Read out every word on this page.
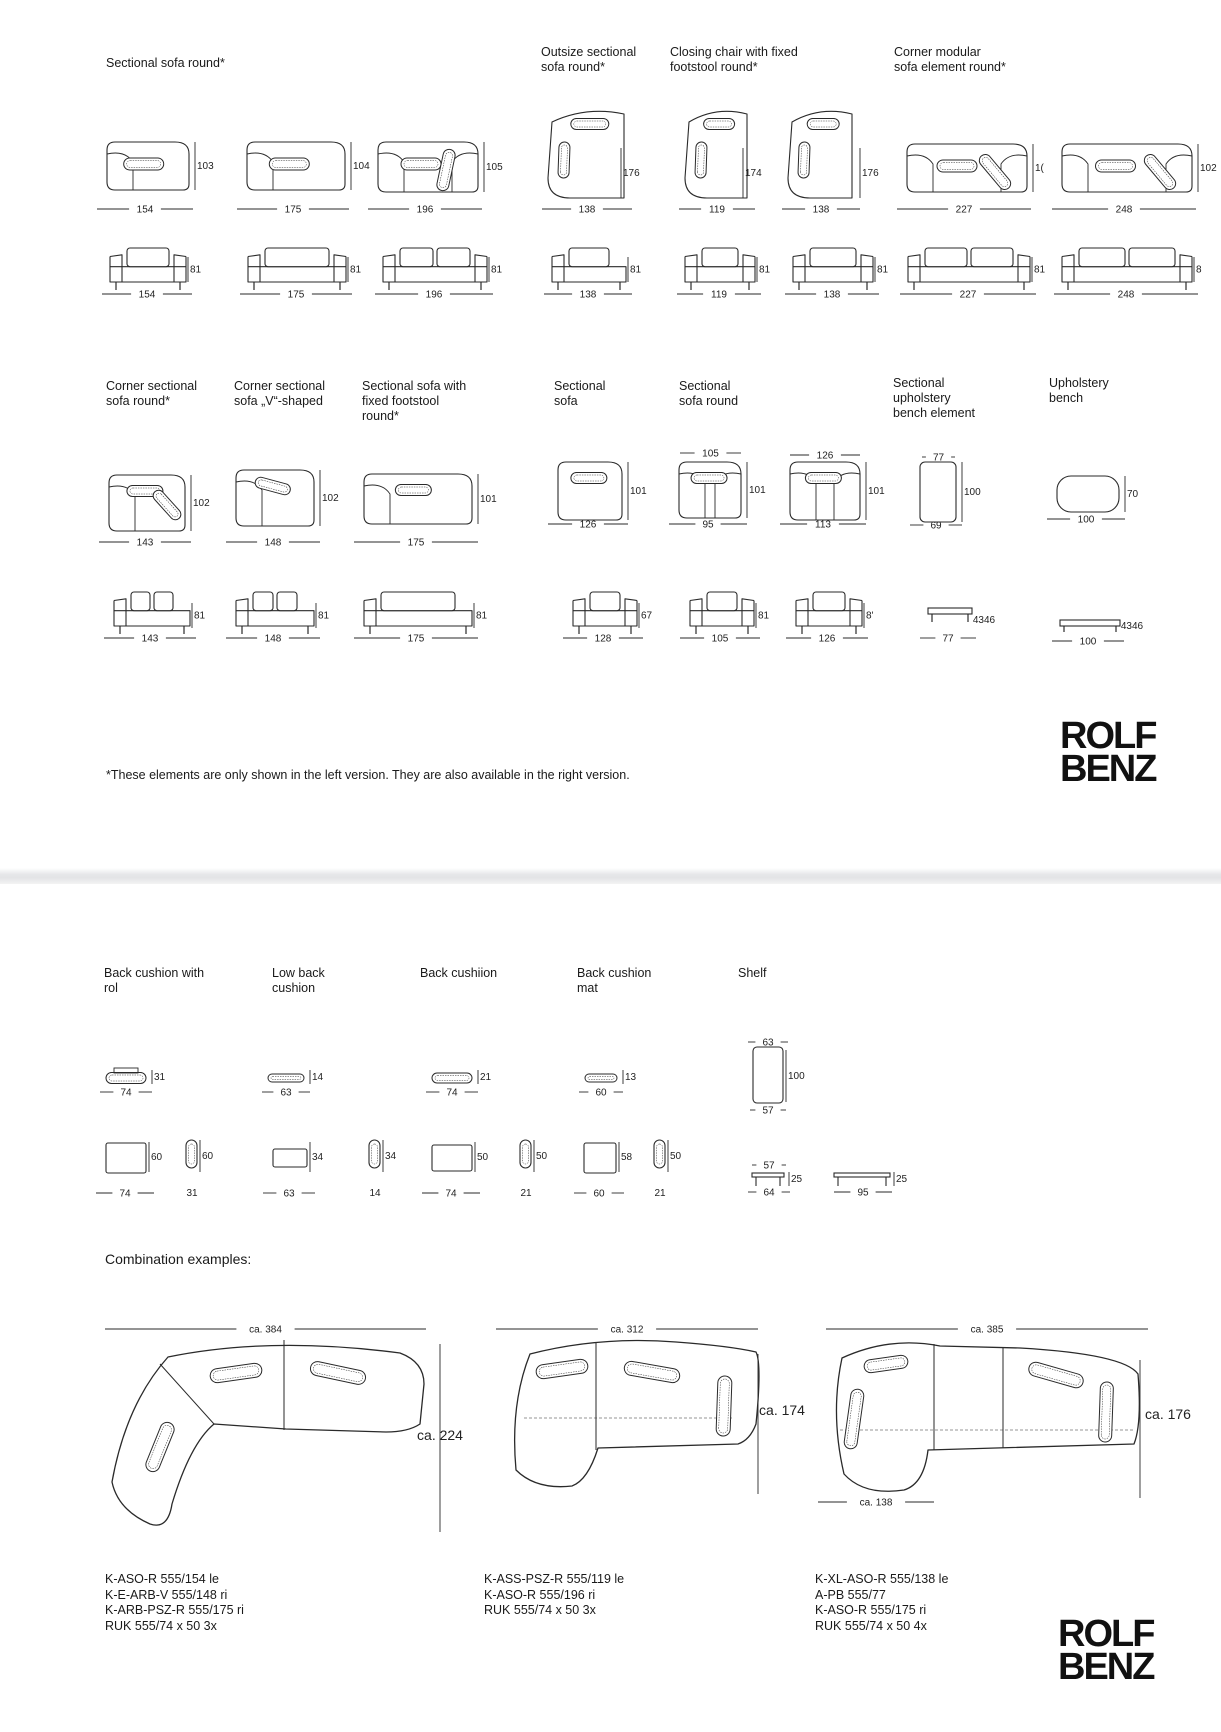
Sectional sofa round*
Outsize sectional
sofa round*
Closing chair with fixed
footstool round*
Corner modular
sofa element round*
Corner sectional
sofa round*
Corner sectional
sofa „V“-shaped
Sectional sofa with
fixed footstool
round*
Sectional
sofa
Sectional
sofa round
Sectional
upholstery
bench element
Upholstery
bench
*These elements are only shown in the left version. They are also available in the right version.
ROLF
BENZ
154
103
175
104
196
105
227
1(
248
102
138
176
119
174
138
176
81
154
81
175
81
196
81
138
81
119
81
138
81
227
8
248
143
102
148
102
175
101
126
101
95
101
113
101
69
100
100
70
105	126	77
81
143
81
148
81
175
67
128
81
105
8'
126
4346
77
4346
100
Back cushion with
rol
Low back
cushion
Back cushiion	Back cushion
mat
Shelf
Combination examples:
K-ASO-R 555/154 le
K-E-ARB-V 555/148 ri
K-ARB-PSZ-R 555/175 ri
RUK 555/74 x 50 3x
K-ASS-PSZ-R 555/119 le
K-ASO-R 555/196 ri
RUK 555/74 x 50 3x
K-XL-ASO-R 555/138 le
A-PB 555/77
K-ASO-R 555/175 ri
RUK 555/74 x 50 4x	ROLF
BENZ
31
74
14
63
21
74
13
60
60
74
60
31
34
63
34
14
50
74
50
21
58
60
50
21
63
57
100
57
25
64
25
95
ca. 384
ca. 224
ca. 312
ca. 174
ca. 385
ca. 176
ca. 138
